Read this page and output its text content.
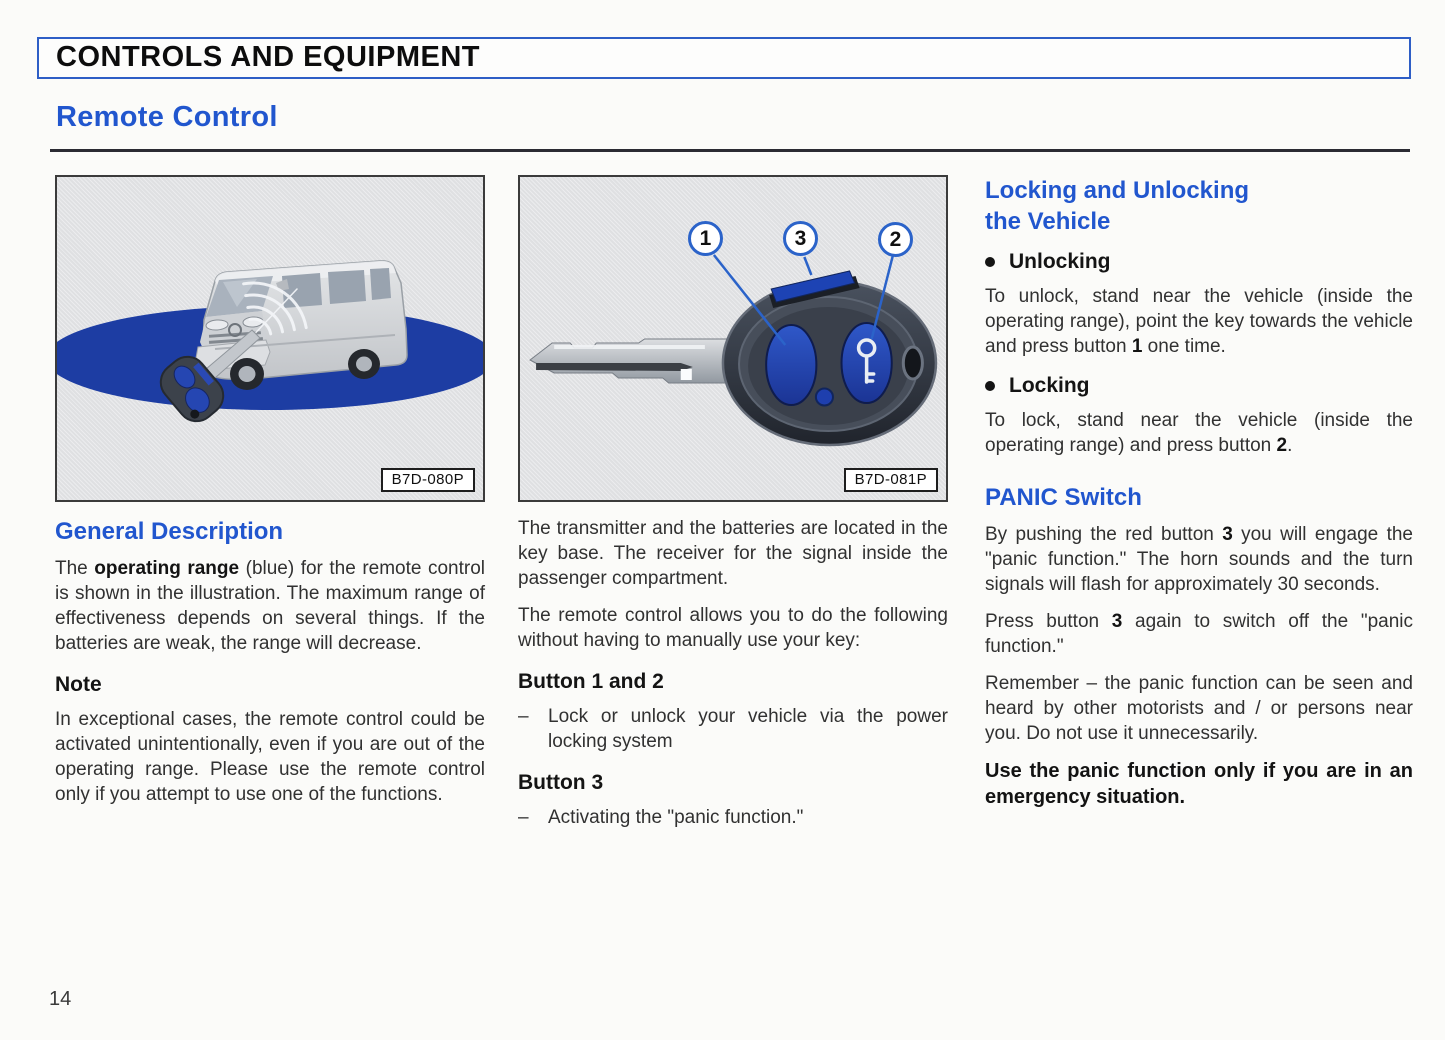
CONTROLS AND EQUIPMENT
Remote Control
B7D-080P
General Description

The operating range (blue) for the remote control is shown in the illustration. The maximum range of effectiveness depends on several things. If the batteries are weak, the range will decrease.

Note

In exceptional cases, the remote control could be activated unintentionally, even if you are out of the operating range. Please use the remote control only if you attempt to use one of the functions.

1	3	2
B7D-081P

The transmitter and the batteries are located in the key base. The receiver for the signal inside the passenger compartment.

The remote control allows you to do the following without having to manually use your key:

Button 1 and 2
–	Lock or unlock your vehicle via the power locking system
Button 3
–	Activating the "panic function."
Locking and Unlocking
the Vehicle
Unlocking

To unlock, stand near the vehicle (inside the operating range), point the key towards the vehicle and press button 1 one time.

Locking

To lock, stand near the vehicle (inside the operating range) and press button 2.

PANIC Switch

By pushing the red button 3 you will engage the "panic function." The horn sounds and the turn signals will flash for approximately 30 seconds.

Press button 3 again to switch off the "panic function."

Remember – the panic function can be seen and heard by other motorists and / or persons near you. Do not use it unnecessarily.

Use the panic function only if you are in an emergency situation.

14
